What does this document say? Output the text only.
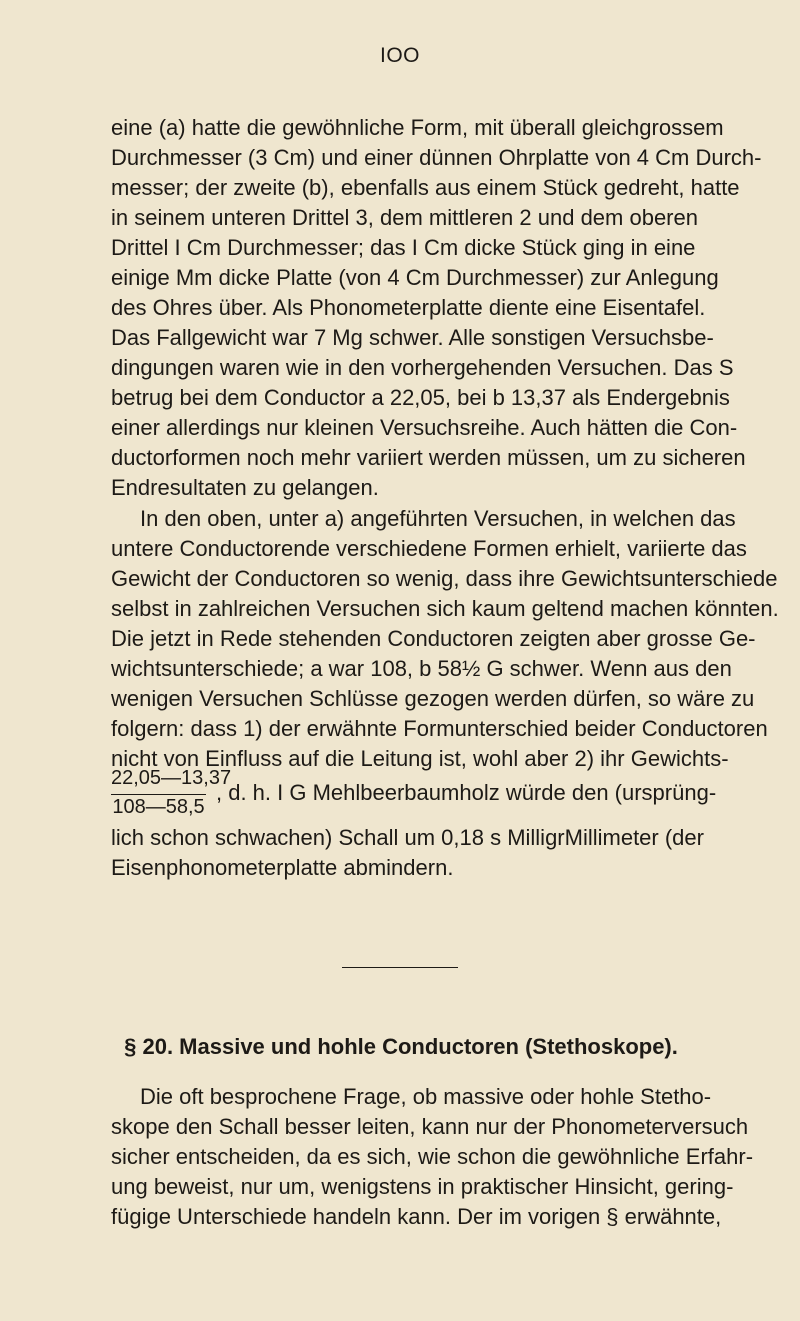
IOO
eine (a) hatte die gewöhnliche Form, mit überall gleichgrossem
Durchmesser (3 Cm) und einer dünnen Ohrplatte von 4 Cm Durch-
messer; der zweite (b), ebenfalls aus einem Stück gedreht, hatte
in seinem unteren Drittel 3, dem mittleren 2 und dem oberen
Drittel I Cm Durchmesser; das I Cm dicke Stück ging in eine
einige Mm dicke Platte (von 4 Cm Durchmesser) zur Anlegung
des Ohres über. Als Phonometerplatte diente eine Eisentafel.
Das Fallgewicht war 7 Mg schwer. Alle sonstigen Versuchsbe-
dingungen waren wie in den vorhergehenden Versuchen. Das S
betrug bei dem Conductor a 22,05, bei b 13,37 als Endergebnis
einer allerdings nur kleinen Versuchsreihe. Auch hätten die Con-
ductorformen noch mehr variiert werden müssen, um zu sicheren
Endresultaten zu gelangen.
In den oben, unter a) angeführten Versuchen, in welchen das
untere Conductorende verschiedene Formen erhielt, variierte das
Gewicht der Conductoren so wenig, dass ihre Gewichtsunterschiede
selbst in zahlreichen Versuchen sich kaum geltend machen könnten.
Die jetzt in Rede stehenden Conductoren zeigten aber grosse Ge-
wichtsunterschiede; a war 108, b 58½ G schwer. Wenn aus den
wenigen Versuchen Schlüsse gezogen werden dürfen, so wäre zu
folgern: dass 1) der erwähnte Formunterschied beider Conductoren
nicht von Einfluss auf die Leitung ist, wohl aber 2) ihr Gewichts-
22,05—13,37
108—58,5
, d. h. I G Mehlbeerbaumholz würde den (ursprüng-
lich schon schwachen) Schall um 0,18 s MilligrMillimeter (der
Eisenphonometerplatte abmindern.
§ 20. Massive und hohle Conductoren (Stethoskope).
Die oft besprochene Frage, ob massive oder hohle Stetho-
skope den Schall besser leiten, kann nur der Phonometerversuch
sicher entscheiden, da es sich, wie schon die gewöhnliche Erfahr-
ung beweist, nur um, wenigstens in praktischer Hinsicht, gering-
fügige Unterschiede handeln kann. Der im vorigen § erwähnte,
